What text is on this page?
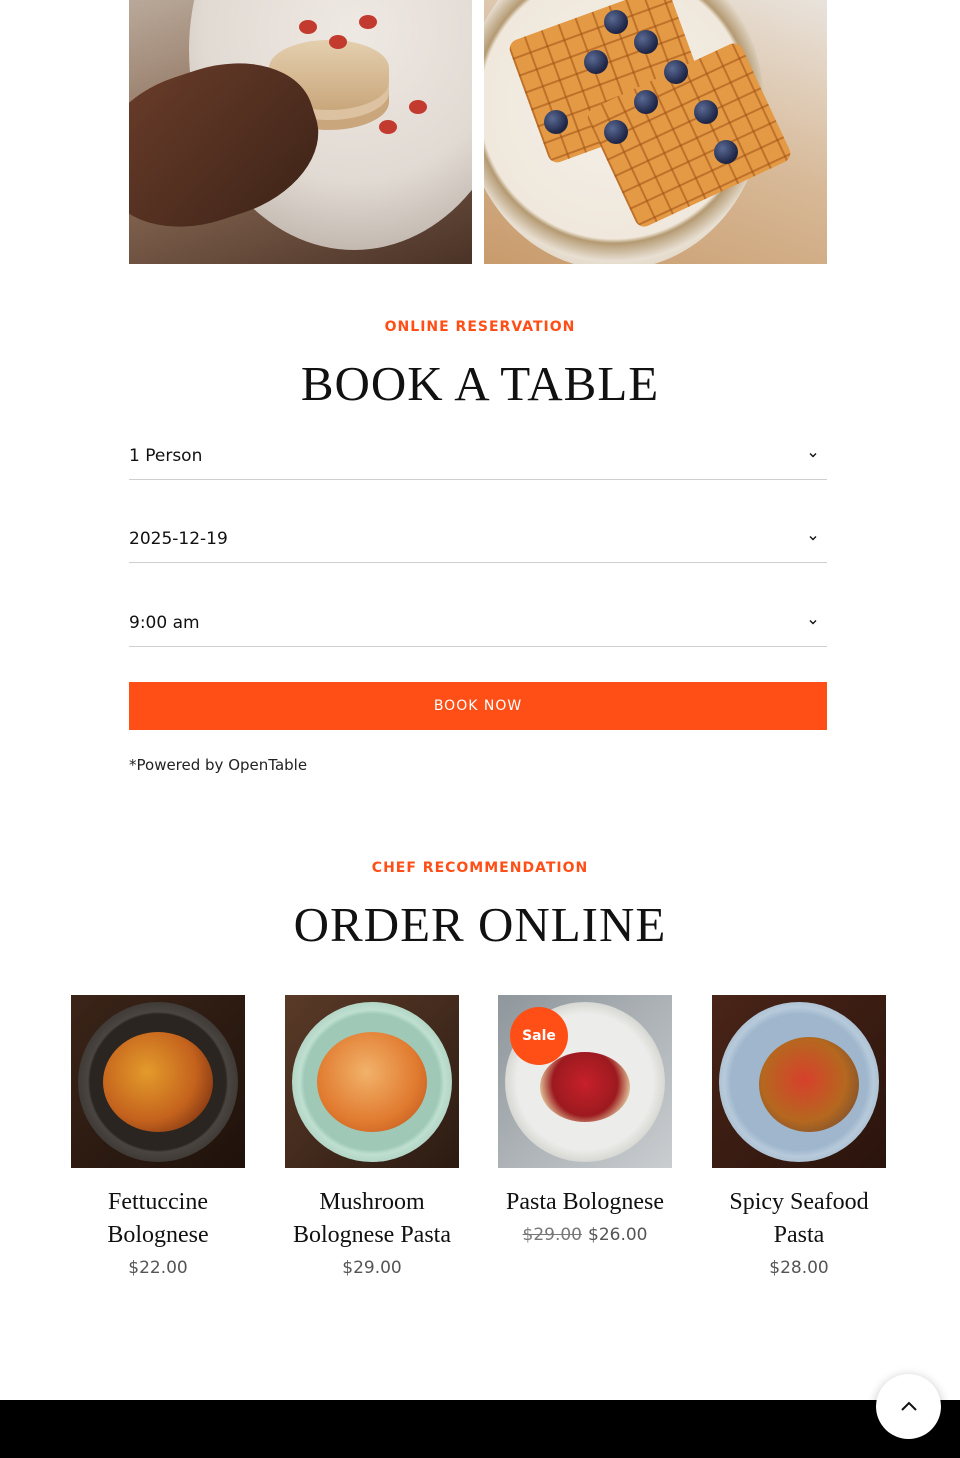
ONLINE RESERVATION
BOOK A TABLE
1 Person
2025-12-19
9:00 am
BOOK NOW
*Powered by OpenTable
CHEF RECOMMENDATION
ORDER ONLINE
Fettuccine Bolognese
$22.00
Mushroom Bolognese Pasta
$29.00
Sale
Pasta Bolognese
$29.00 $26.00
Spicy Seafood Pasta
$28.00
